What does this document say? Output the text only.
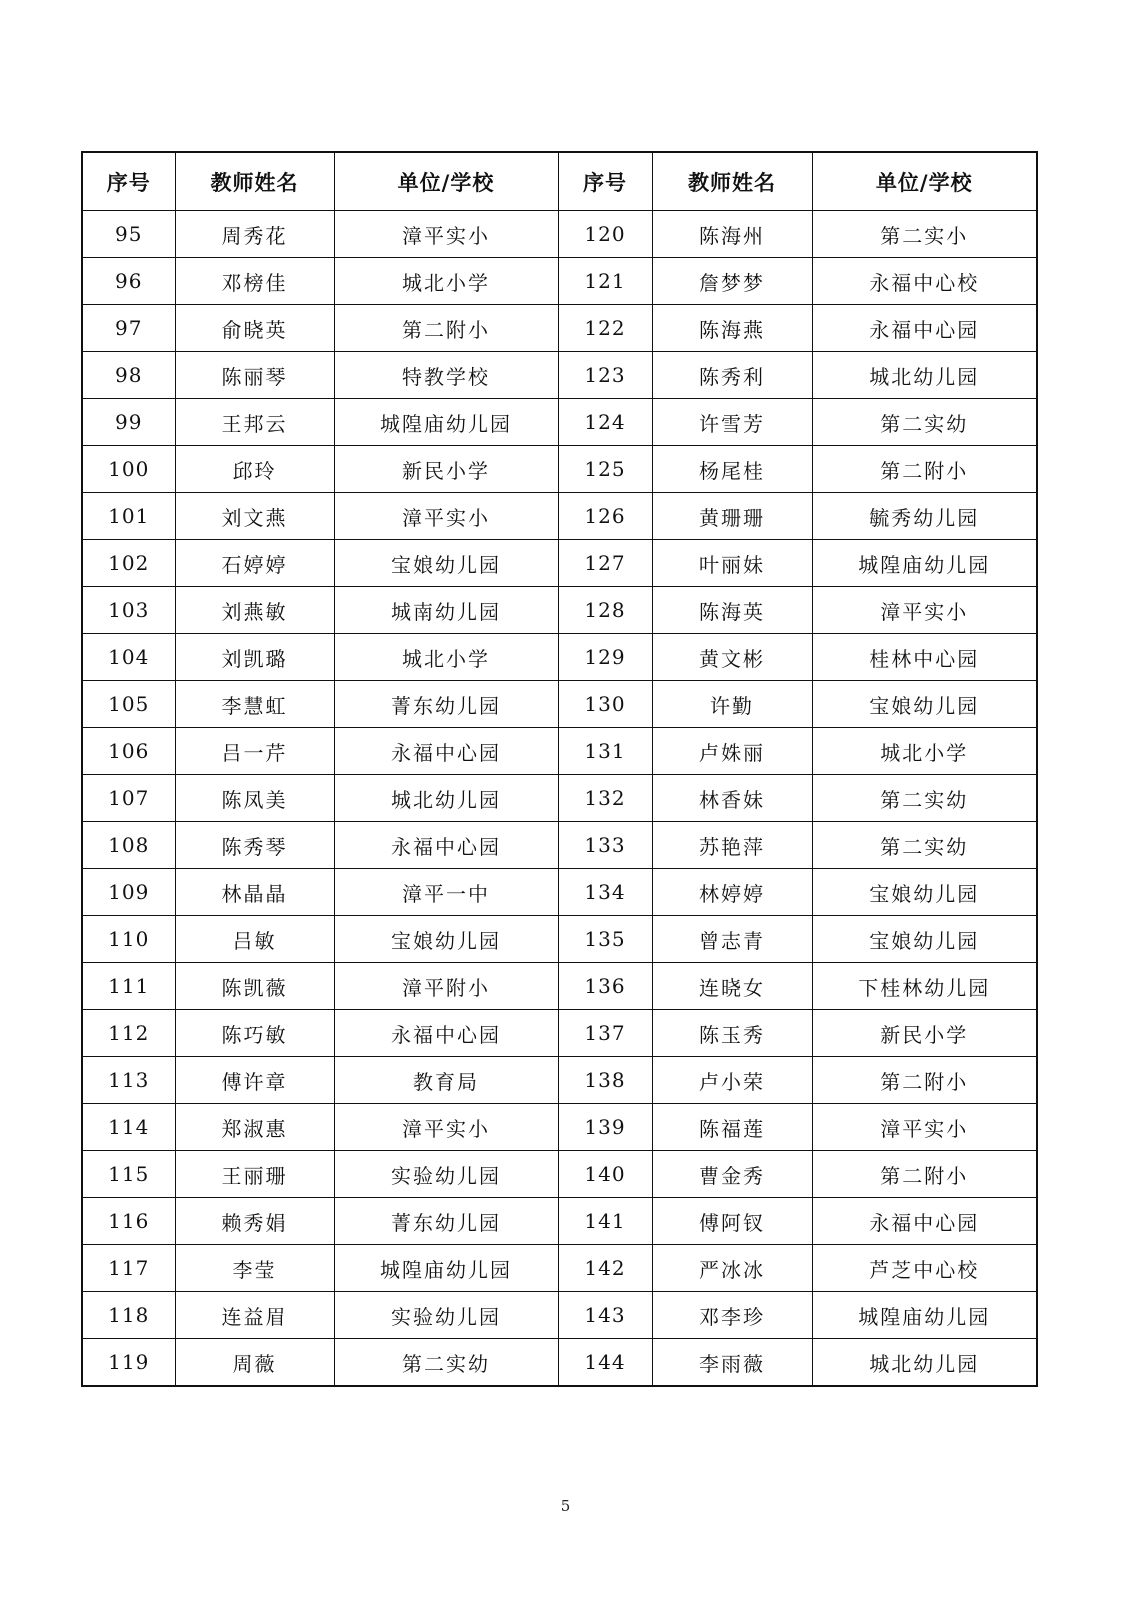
序号	教师姓名	单位/学校	序号	教师姓名	单位/学校
95	周秀花	漳平实小	120	陈海州	第二实小
96	邓榜佳	城北小学	121	詹梦梦	永福中心校
97	俞晓英	第二附小	122	陈海燕	永福中心园
98	陈丽琴	特教学校	123	陈秀利	城北幼儿园
99	王邦云	城隍庙幼儿园	124	许雪芳	第二实幼
100	邱玲	新民小学	125	杨尾桂	第二附小
101	刘文燕	漳平实小	126	黄珊珊	毓秀幼儿园
102	石婷婷	宝娘幼儿园	127	叶丽妹	城隍庙幼儿园
103	刘燕敏	城南幼儿园	128	陈海英	漳平实小
104	刘凯璐	城北小学	129	黄文彬	桂林中心园
105	李慧虹	菁东幼儿园	130	许勤	宝娘幼儿园
106	吕一芹	永福中心园	131	卢姝丽	城北小学
107	陈凤美	城北幼儿园	132	林香妹	第二实幼
108	陈秀琴	永福中心园	133	苏艳萍	第二实幼
109	林晶晶	漳平一中	134	林婷婷	宝娘幼儿园
110	吕敏	宝娘幼儿园	135	曾志青	宝娘幼儿园
111	陈凯薇	漳平附小	136	连晓女	下桂林幼儿园
112	陈巧敏	永福中心园	137	陈玉秀	新民小学
113	傅许章	教育局	138	卢小荣	第二附小
114	郑淑惠	漳平实小	139	陈福莲	漳平实小
115	王丽珊	实验幼儿园	140	曹金秀	第二附小
116	赖秀娟	菁东幼儿园	141	傅阿钗	永福中心园
117	李莹	城隍庙幼儿园	142	严冰冰	芦芝中心校
118	连益眉	实验幼儿园	143	邓李珍	城隍庙幼儿园
119	周薇	第二实幼	144	李雨薇	城北幼儿园
5
